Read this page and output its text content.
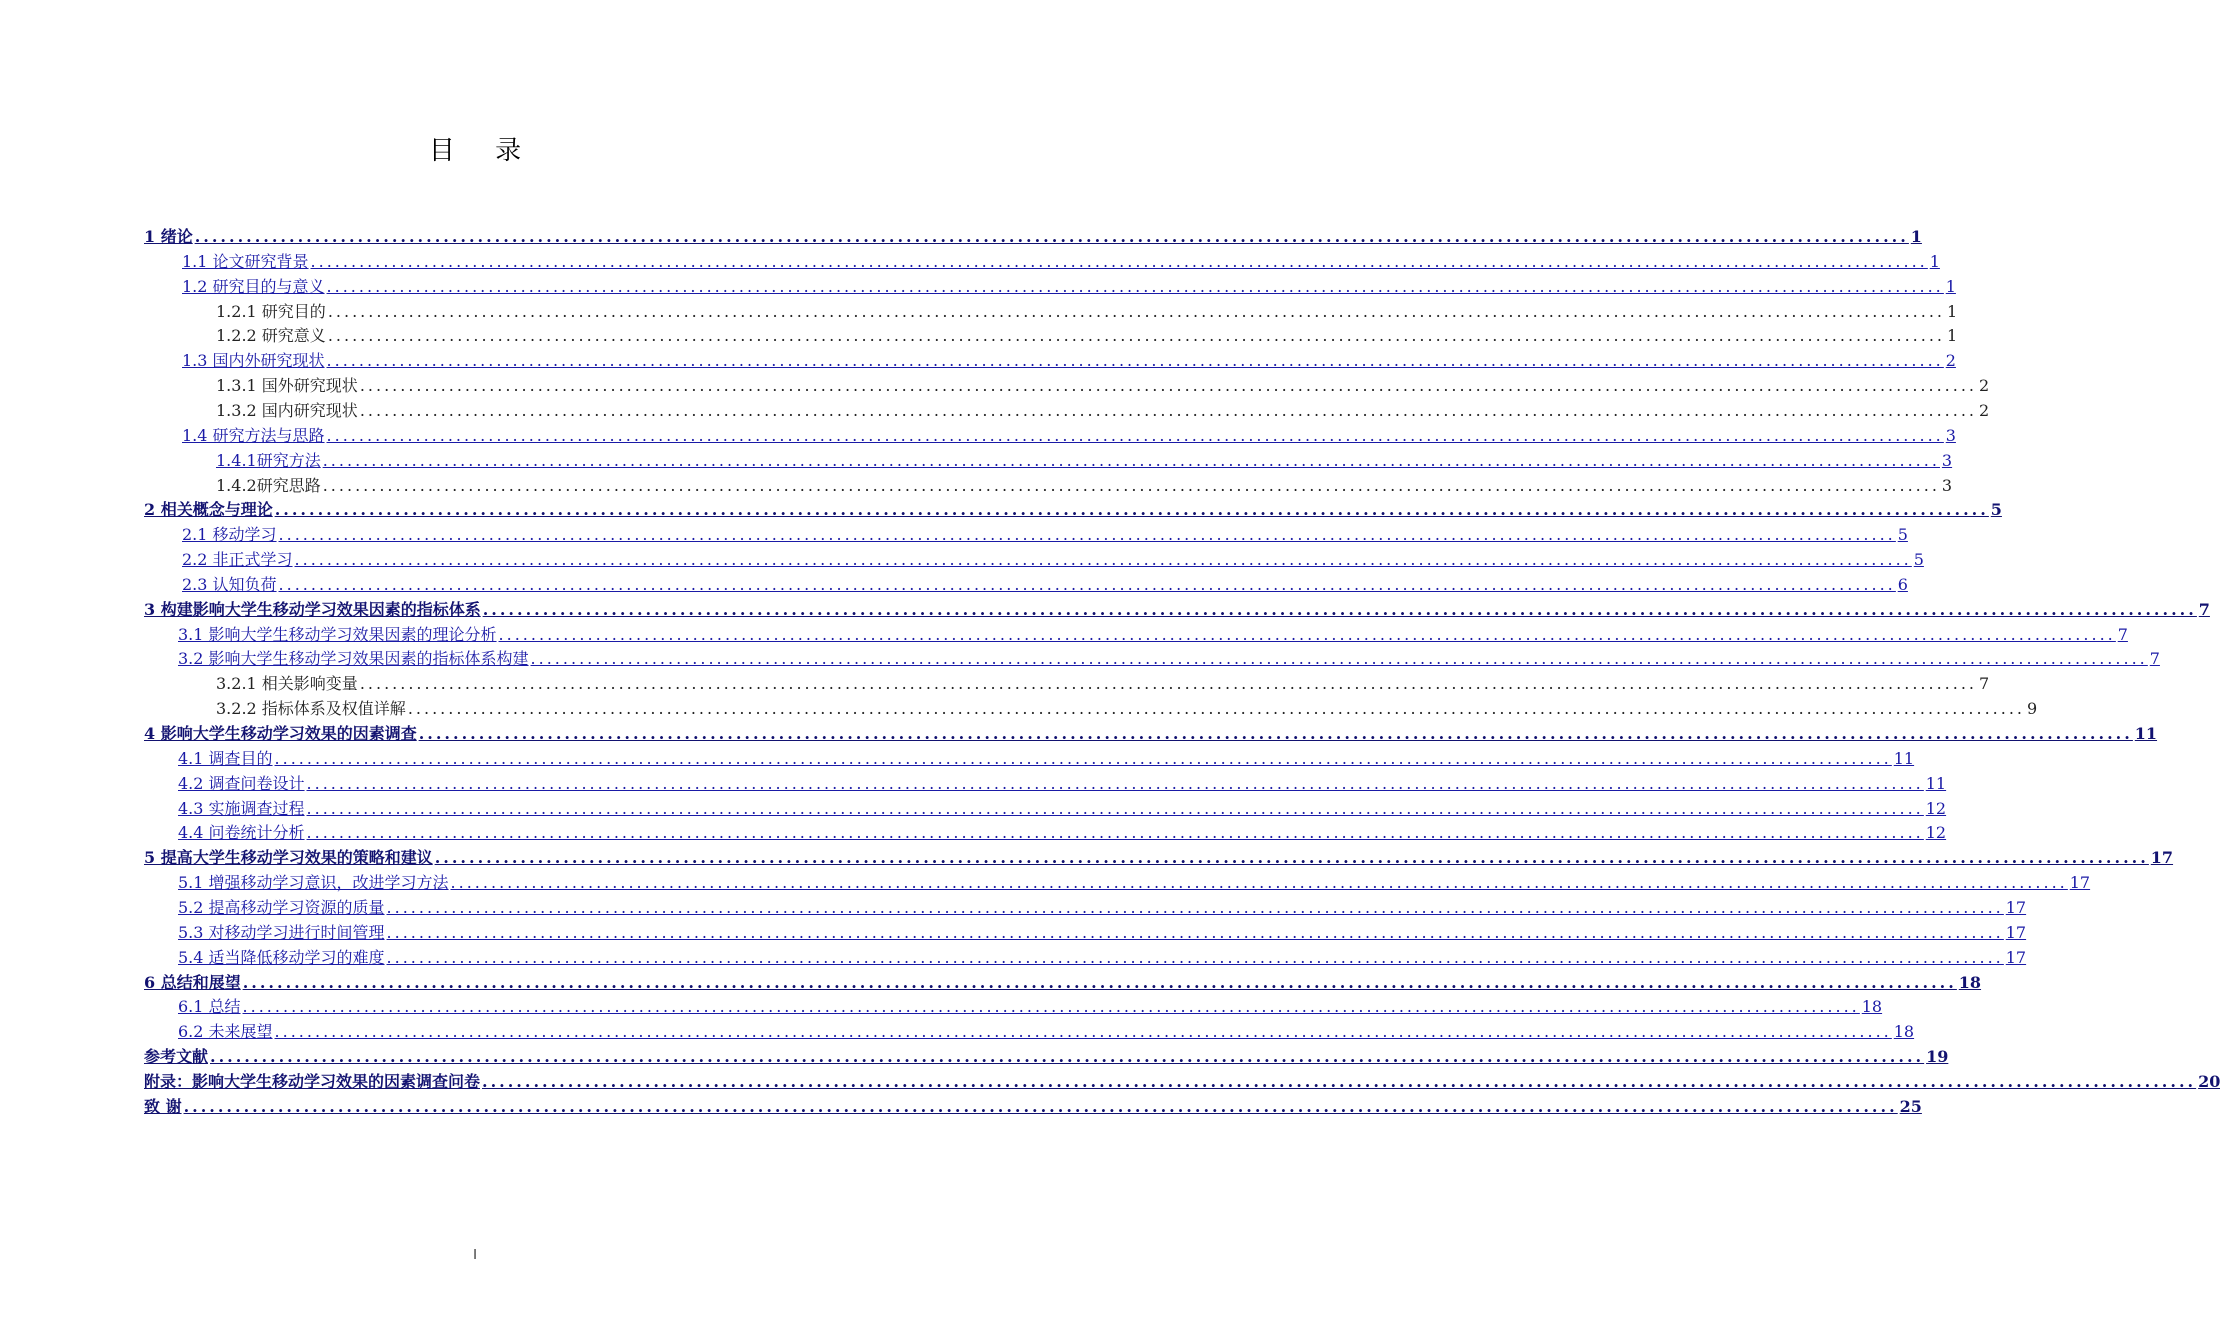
目 录
1 绪论 ........................................................................................................................................................................................................ 1
1.1 论文研究背景 ........................................................................................................................................................................................................ 1
1.2 研究目的与意义 ........................................................................................................................................................................................................ 1
1.2.1 研究目的 ........................................................................................................................................................................................................ 1
1.2.2 研究意义 ........................................................................................................................................................................................................ 1
1.3 国内外研究现状 ........................................................................................................................................................................................................ 2
1.3.1 国外研究现状 ........................................................................................................................................................................................................ 2
1.3.2 国内研究现状 ........................................................................................................................................................................................................ 2
1.4 研究方法与思路 ........................................................................................................................................................................................................ 3
1.4.1研究方法 ........................................................................................................................................................................................................ 3
1.4.2研究思路 ........................................................................................................................................................................................................ 3
2 相关概念与理论 ........................................................................................................................................................................................................ 5
2.1 移动学习 ........................................................................................................................................................................................................ 5
2.2 非正式学习 ........................................................................................................................................................................................................ 5
2.3 认知负荷 ........................................................................................................................................................................................................ 6
3 构建影响大学生移动学习效果因素的指标体系 ........................................................................................................................................................................................................ 7
3.1 影响大学生移动学习效果因素的理论分析 ........................................................................................................................................................................................................ 7
3.2 影响大学生移动学习效果因素的指标体系构建 ........................................................................................................................................................................................................ 7
3.2.1 相关影响变量 ........................................................................................................................................................................................................ 7
3.2.2 指标体系及权值详解 ........................................................................................................................................................................................................ 9
4 影响大学生移动学习效果的因素调查 ........................................................................................................................................................................................................ 11
4.1 调查目的 ........................................................................................................................................................................................................ 11
4.2 调查问卷设计 ........................................................................................................................................................................................................ 11
4.3 实施调查过程 ........................................................................................................................................................................................................ 12
4.4 问卷统计分析 ........................................................................................................................................................................................................ 12
5 提高大学生移动学习效果的策略和建议 ........................................................................................................................................................................................................ 17
5.1 增强移动学习意识，改进学习方法 ........................................................................................................................................................................................................ 17
5.2 提高移动学习资源的质量 ........................................................................................................................................................................................................ 17
5.3 对移动学习进行时间管理 ........................................................................................................................................................................................................ 17
5.4 适当降低移动学习的难度 ........................................................................................................................................................................................................ 17
6 总结和展望 ........................................................................................................................................................................................................ 18
6.1 总结 ........................................................................................................................................................................................................ 18
6.2 未来展望 ........................................................................................................................................................................................................ 18
参考文献 ........................................................................................................................................................................................................ 19
附录：影响大学生移动学习效果的因素调查问卷 ........................................................................................................................................................................................................ 20
致 谢 ........................................................................................................................................................................................................ 25
I
